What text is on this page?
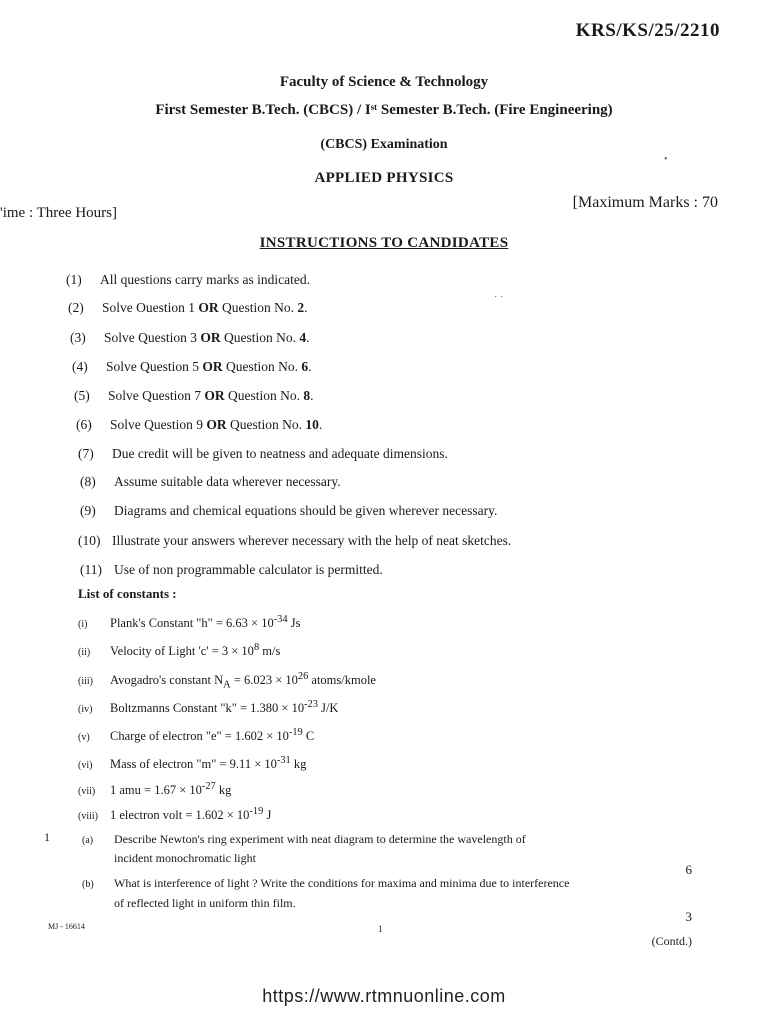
KRS/KS/25/2210
Faculty of Science & Technology
First Semester B.Tech. (CBCS) / Iˢᵗ Semester B.Tech. (Fire Engineering)
(CBCS) Examination
APPLIED PHYSICS
[Maximum Marks : 70
'ime : Three Hours]
INSTRUCTIONS TO CANDIDATES
(1) All questions carry marks as indicated.
(2) Solve Ouestion 1 OR Question No. 2.
(3) Solve Question 3 OR Question No. 4.
(4) Solve Question 5 OR Question No. 6.
(5) Solve Question 7 OR Question No. 8.
(6) Solve Question 9 OR Question No. 10.
(7) Due credit will be given to neatness and adequate dimensions.
(8) Assume suitable data wherever necessary.
(9) Diagrams and chemical equations should be given wherever necessary.
(10) Illustrate your answers wherever necessary with the help of neat sketches.
(11) Use of non programmable calculator is permitted.
List of constants :
(i) Plank's Constant "h" = $6.63 \times 10^{-34}$ Js
(ii) Velocity of Light '$c' = 3 \times 10^8$ m/s
(iii) Avogadro's constant $N_A = 6.023 \times 10^{26}$ atoms/kmole
(iv) Boltzmanns Constant "k" = $1.380 \times 10^{-23}$ J/K
(v) Charge of electron "e" = $1.602 \times 10^{-19}$ C
(vi) Mass of electron "m" = $9.11 \times 10^{-31}$ kg
(vii) 1 amu = $1.67 \times 10^{-27}$ kg
(viii) 1 electron volt = $1.602 \times 10^{-19}$ J
1	(a) Describe Newton's ring experiment with neat diagram to determine the wavelength of
incident monochromatic light
6
(b) What is interference of light ? Write the conditions for maxima and minima due to interference
of reflected light in uniform thin film.
3
MJ - 16614	1
(Contd.)
https://www.rtmnuonline.com
•
· ·
